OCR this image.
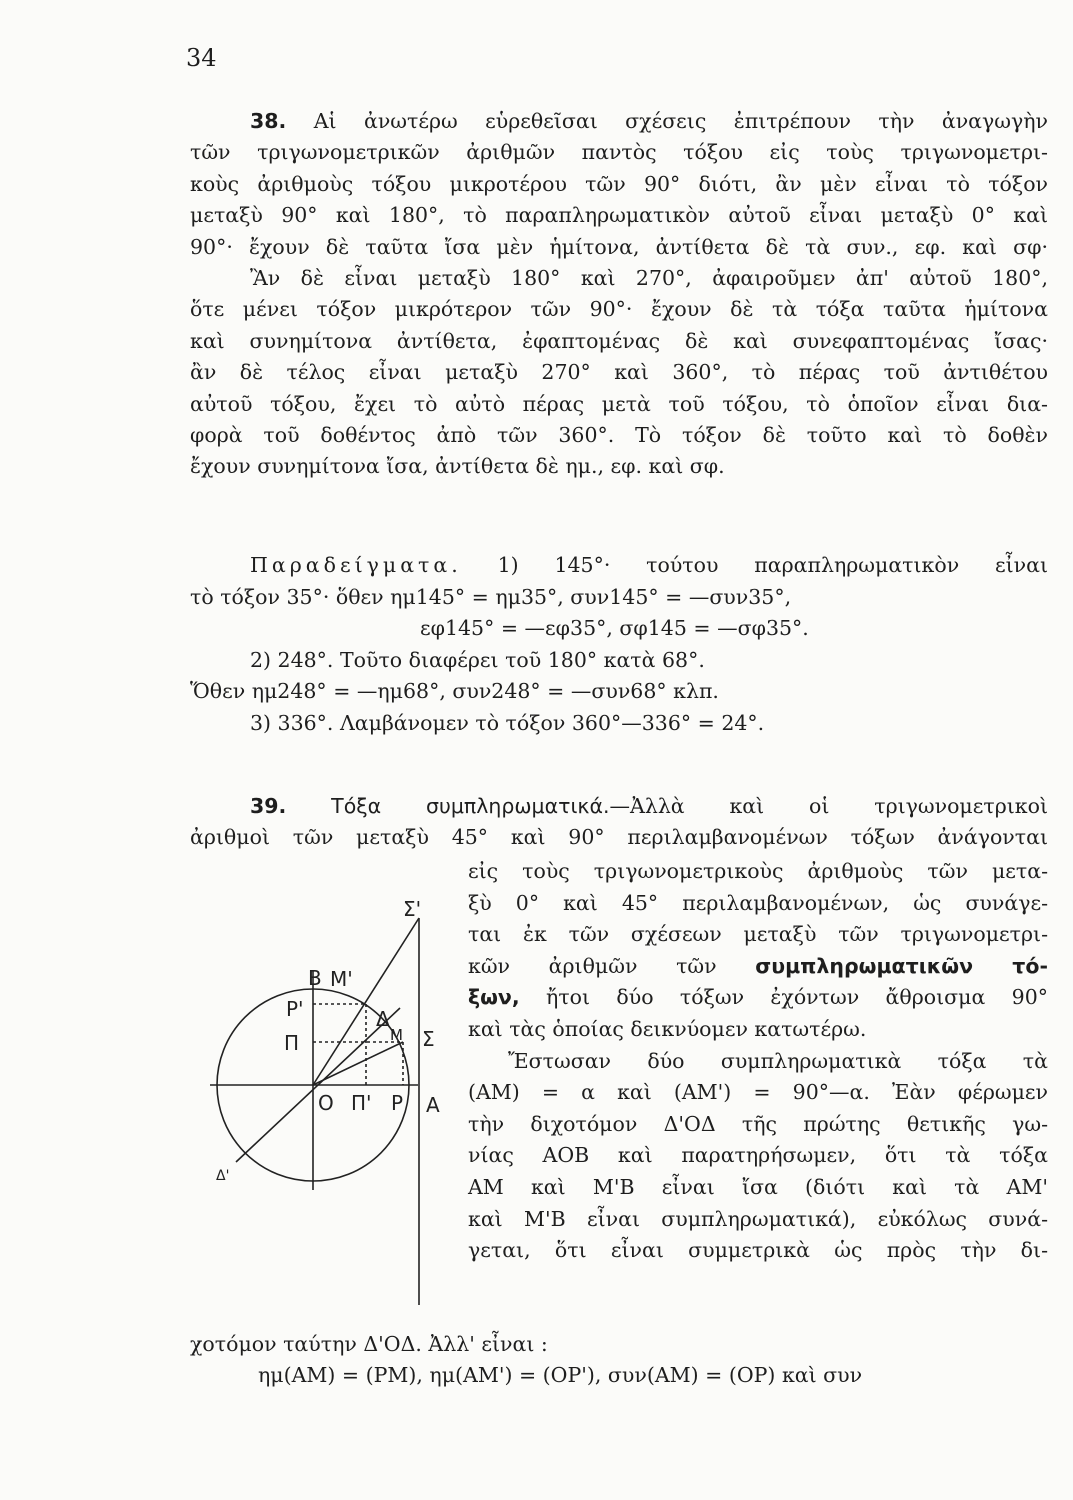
34
38. Αἱ ἀνωτέρω εὑρεθεῖσαι σχέσεις ἐπιτρέπουν τὴν ἀναγωγὴν
τῶν τριγωνομετρικῶν ἀριθμῶν παντὸς τόξου εἰς τοὺς τριγωνομετρι-
κοὺς ἀριθμοὺς τόξου μικροτέρου τῶν 90° διότι, ἂν μὲν εἶναι τὸ τόξον
μεταξὺ 90° καὶ 180°, τὸ παραπληρωματικὸν αὐτοῦ εἶναι μεταξὺ 0° καὶ
90°· ἔχουν δὲ ταῦτα ἴσα μὲν ἡμίτονα, ἀντίθετα δὲ τὰ συν., εφ. καὶ σφ·
Ἂν δὲ εἶναι μεταξὺ 180° καὶ 270°, ἀφαιροῦμεν ἀπ' αὐτοῦ 180°,
ὅτε μένει τόξον μικρότερον τῶν 90°· ἔχουν δὲ τὰ τόξα ταῦτα ἡμίτονα
καὶ συνημίτονα ἀντίθετα, ἐφαπτομένας δὲ καὶ συνεφαπτομένας ἴσας·
ἂν δὲ τέλος εἶναι μεταξὺ 270° καὶ 360°, τὸ πέρας τοῦ ἀντιθέτου
αὐτοῦ τόξου, ἔχει τὸ αὐτὸ πέρας μετὰ τοῦ τόξου, τὸ ὁποῖον εἶναι δια-
φορὰ τοῦ δοθέντος ἀπὸ τῶν 360°. Τὸ τόξον δὲ τοῦτο καὶ τὸ δοθὲν
ἔχουν συνημίτονα ἴσα, ἀντίθετα δὲ ημ., εφ. καὶ σφ.
Παραδείγματα. 1) 145°· τούτου παραπληρωματικὸν εἶναι
τὸ τόξον 35°· ὅθεν ημ145° = ημ35°, συν145° = —συν35°,
εφ145° = —εφ35°, σφ145 = —σφ35°.
2) 248°. Τοῦτο διαφέρει τοῦ 180° κατὰ 68°.
Ὅθεν ημ248° = —ημ68°, συν248° = —συν68° κλπ.
3) 336°. Λαμβάνομεν τὸ τόξον 360°—336° = 24°.
39. Τόξα συμπληρωματικά.—Ἀλλὰ καὶ οἱ τριγωνομετρικοὶ
ἀριθμοὶ τῶν μεταξὺ 45° καὶ 90° περιλαμβανομένων τόξων ἀνάγονται
εἰς τοὺς τριγωνομετρικοὺς ἀριθμοὺς τῶν μετα-
ξὺ 0° καὶ 45° περιλαμβανομένων, ὡς συνάγε-
ται ἐκ τῶν σχέσεων μεταξὺ τῶν τριγωνομετρι-
κῶν ἀριθμῶν τῶν συμπληρωματικῶν τό-
ξων, ἤτοι δύο τόξων ἐχόντων ἄθροισμα 90°
καὶ τὰς ὁποίας δεικνύομεν κατωτέρω.
Ἔστωσαν δύο συμπληρωματικὰ τόξα τὰ
(ΑΜ) = α καὶ (ΑΜ') = 90°—α. Ἐὰν φέρωμεν
τὴν διχοτόμον Δ'ΟΔ τῆς πρώτης θετικῆς γω-
νίας ΑΟΒ καὶ παρατηρήσωμεν, ὅτι τὰ τόξα
ΑΜ καὶ Μ'Β εἶναι ἴσα (διότι καὶ τὰ ΑΜ'
καὶ Μ'Β εἶναι συμπληρωματικά), εὐκόλως συνά-
γεται, ὅτι εἶναι συμμετρικὰ ὡς πρὸς τὴν δι-
χοτόμον ταύτην Δ'ΟΔ. Ἀλλ' εἶναι :
ημ(ΑΜ) = (ΡΜ), ημ(ΑΜ') = (ΟΡ'), συν(ΑΜ) = (ΟΡ) καὶ συν
Σ'
B M'
P'	Δ
M Σ
Π
A
O Π' P
Δ'
